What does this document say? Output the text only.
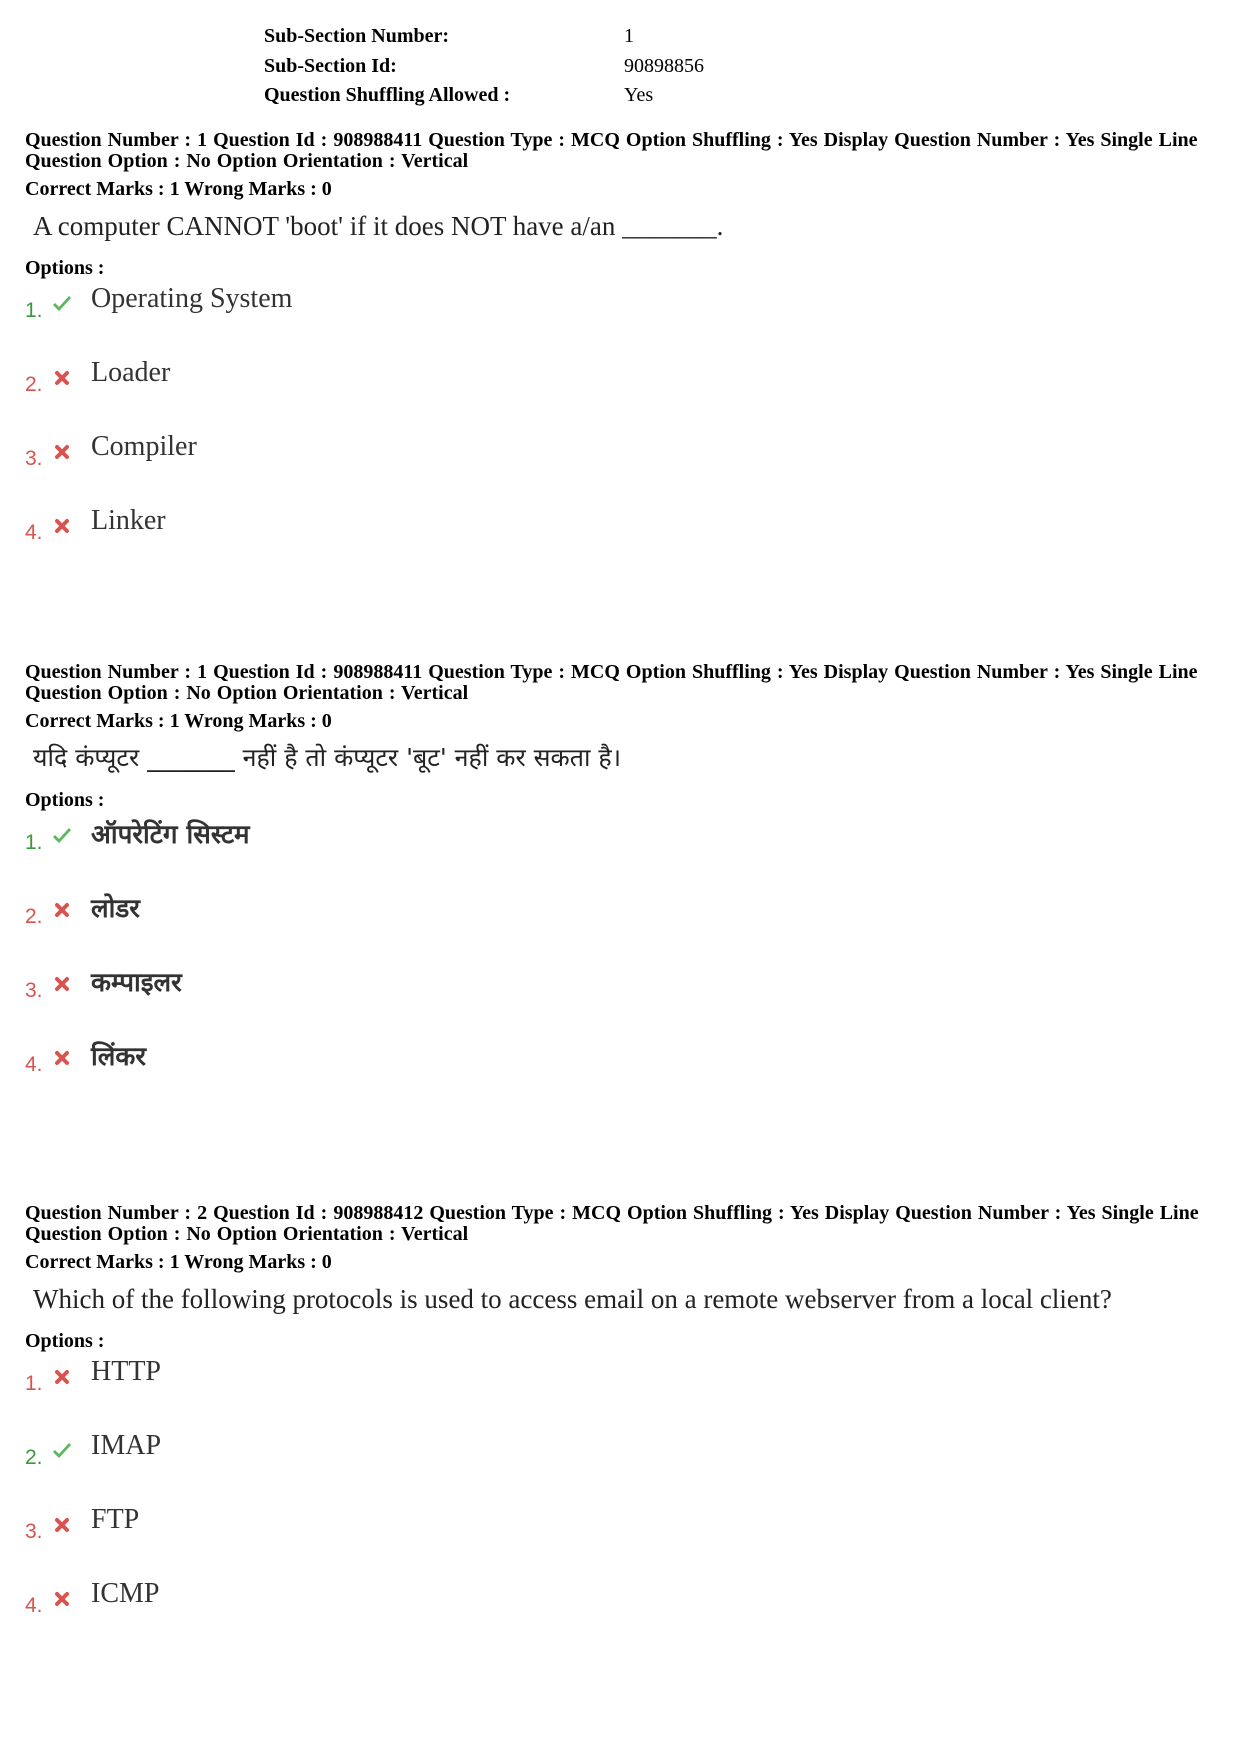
Sub-Section Number:	1
Sub-Section Id:	90898856
Question Shuffling Allowed :	Yes
Question Number : 1 Question Id : 908988411 Question Type : MCQ Option Shuffling : Yes Display Question Number : Yes Single Line Question Option : No Option Orientation : Vertical
Correct Marks : 1 Wrong Marks : 0
A computer CANNOT 'boot' if it does NOT have a/an _______.
Options :
1. Operating System
2. Loader
3. Compiler
4. Linker
Question Number : 1 Question Id : 908988411 Question Type : MCQ Option Shuffling : Yes Display Question Number : Yes Single Line Question Option : No Option Orientation : Vertical
Correct Marks : 1 Wrong Marks : 0
यदि कंप्यूटर _______ नहीं है तो कंप्यूटर 'बूट' नहीं कर सकता है।
Options :
1. ऑपरेटिंग सिस्टम
2. लोडर
3. कम्पाइलर
4. लिंकर
Question Number : 2 Question Id : 908988412 Question Type : MCQ Option Shuffling : Yes Display Question Number : Yes Single Line Question Option : No Option Orientation : Vertical
Correct Marks : 1 Wrong Marks : 0
Which of the following protocols is used to access email on a remote webserver from a local client?
Options :
1. HTTP
2. IMAP
3. FTP
4. ICMP
